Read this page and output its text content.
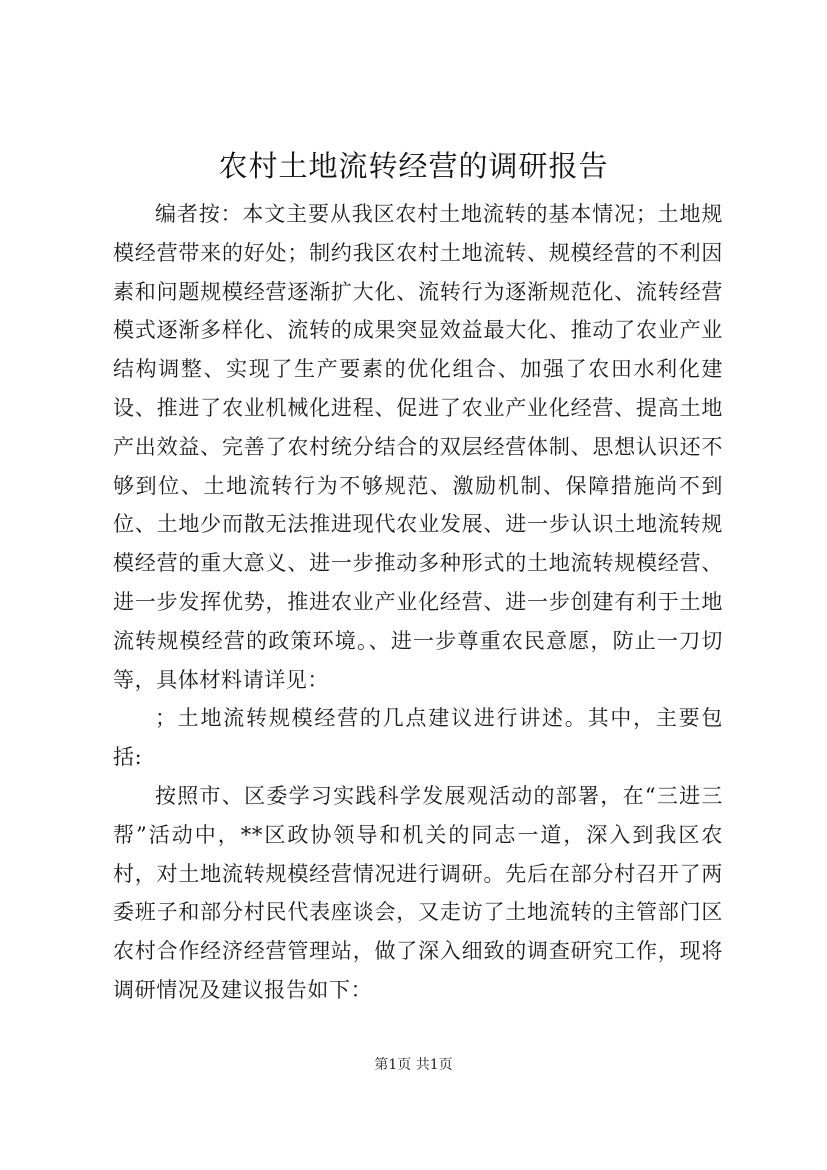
农村土地流转经营的调研报告

编者按：本文主要从我区农村土地流转的基本情况；土地规模经营带来的好处；制约我区农村土地流转、规模经营的不利因素和问题规模经营逐渐扩大化、流转行为逐渐规范化、流转经营模式逐渐多样化、流转的成果突显效益最大化、推动了农业产业结构调整、实现了生产要素的优化组合、加强了农田水利化建设、推进了农业机械化进程、促进了农业产业化经营、提高土地产出效益、完善了农村统分结合的双层经营体制、思想认识还不够到位、土地流转行为不够规范、激励机制、保障措施尚不到位、土地少而散无法推进现代农业发展、进一步认识土地流转规模经营的重大意义、进一步推动多种形式的土地流转规模经营、进一步发挥优势，推进农业产业化经营、进一步创建有利于土地流转规模经营的政策环境。、进一步尊重农民意愿，防止一刀切等，具体材料请详见：

；土地流转规模经营的几点建议进行讲述。其中，主要包括:

按照市、区委学习实践科学发展观活动的部署，在“三进三帮”活动中，**区政协领导和机关的同志一道，深入到我区农村，对土地流转规模经营情况进行调研。先后在部分村召开了两委班子和部分村民代表座谈会，又走访了土地流转的主管部门区农村合作经济经营管理站，做了深入细致的调查研究工作，现将调研情况及建议报告如下：

第1页 共1页
